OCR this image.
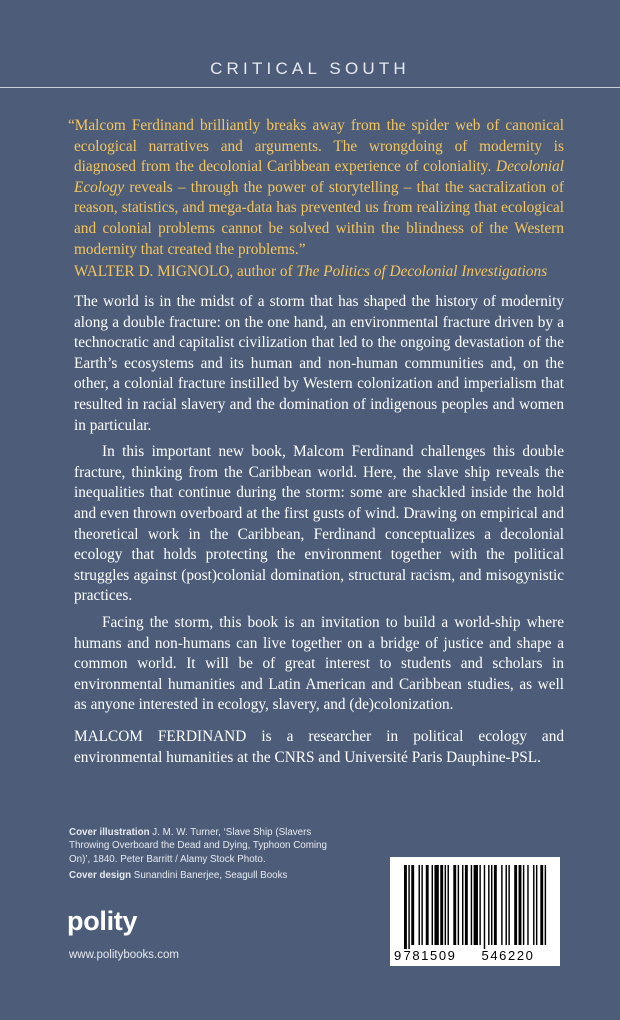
CRITICAL SOUTH

“Malcom Ferdinand brilliantly breaks away from the spider web of canonical ecological narratives and arguments. The wrongdoing of modernity is diagnosed from the decolonial Caribbean experience of coloniality. Decolonial Ecology reveals – through the power of storytelling – that the sacralization of reason, statistics, and mega-data has prevented us from realizing that ecological and colonial problems cannot be solved within the blindness of the Western modernity that created the problems.”

WALTER D. MIGNOLO, author of The Politics of Decolonial Investigations

The world is in the midst of a storm that has shaped the history of modernity along a double fracture: on the one hand, an environmental fracture driven by a technocratic and capitalist civilization that led to the ongoing devastation of the Earth’s ecosystems and its human and non-human communities and, on the other, a colonial fracture instilled by Western colonization and imperialism that resulted in racial slavery and the domination of indigenous peoples and women in particular.

In this important new book, Malcom Ferdinand challenges this double fracture, thinking from the Caribbean world. Here, the slave ship reveals the inequalities that continue during the storm: some are shackled inside the hold and even thrown overboard at the first gusts of wind. Drawing on empirical and theoretical work in the Caribbean, Ferdinand conceptualizes a decolonial ecology that holds protecting the environment together with the political struggles against (post)colonial domination, structural racism, and misogynistic practices.

Facing the storm, this book is an invitation to build a world-ship where humans and non-humans can live together on a bridge of justice and shape a common world. It will be of great interest to students and scholars in environmental humanities and Latin American and Caribbean studies, as well as anyone interested in ecology, slavery, and (de)colonization.

MALCOM FERDINAND is a researcher in political ecology and environmental humanities at the CNRS and Université Paris Dauphine-PSL.

Cover illustration J. M. W. Turner, ‘Slave Ship (Slavers Throwing Overboard the Dead and Dying, Typhoon Coming On)’, 1840. Peter Barritt / Alamy Stock Photo.

Cover design Sunandini Banerjee, Seagull Books

polity
www.politybooks.com	9 781509 546220
